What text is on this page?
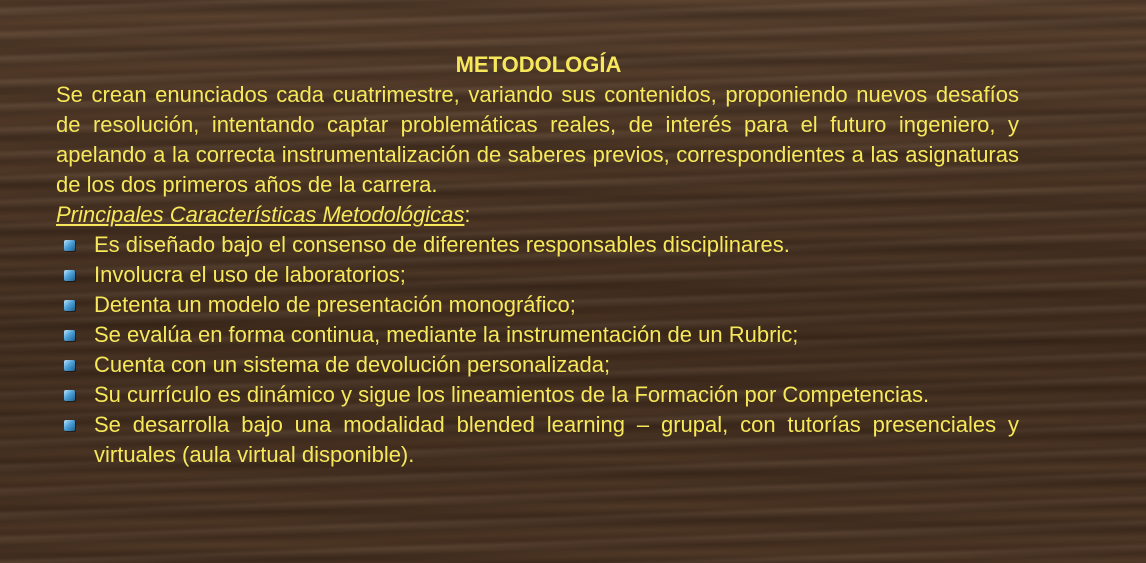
METODOLOGÍA

Se crean enunciados cada cuatrimestre, variando sus contenidos, proponiendo nuevos desafíos de resolución, intentando captar problemáticas reales, de interés para el futuro ingeniero, y apelando a la correcta instrumentalización de saberes previos, correspondientes a las asignaturas de los dos primeros años de la carrera.

Principales Características Metodológicas:

Es diseñado bajo el consenso de diferentes responsables disciplinares.
Involucra el uso de laboratorios;
Detenta un modelo de presentación monográfico;
Se evalúa en forma continua, mediante la instrumentación de un Rubric;
Cuenta con un sistema de devolución personalizada;
Su currículo es dinámico y sigue los lineamientos de la Formación por Competencias.
Se desarrolla bajo una modalidad blended learning – grupal, con tutorías presenciales y virtuales (aula virtual disponible).
